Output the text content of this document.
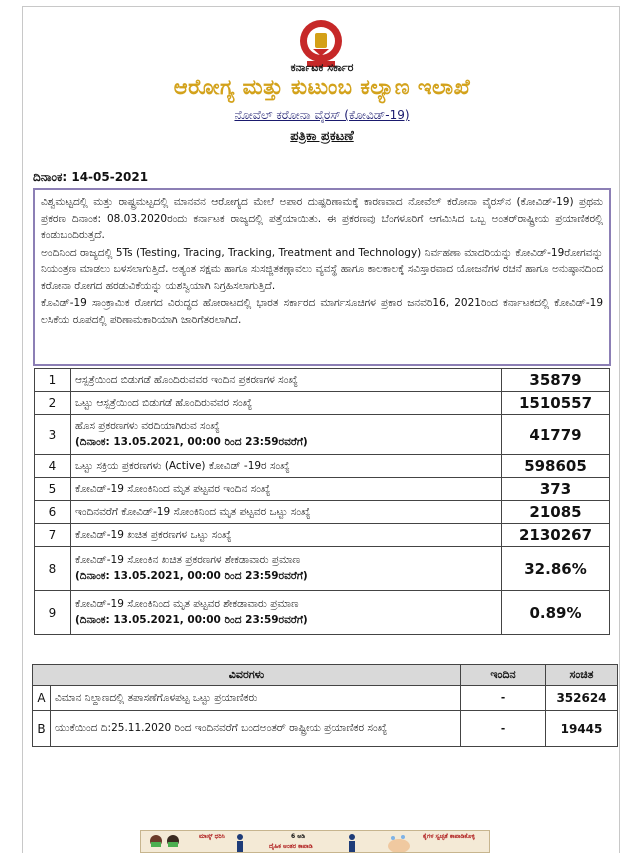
ಕರ್ನಾಟಕ ಸರ್ಕಾರ
ಆರೋಗ್ಯ ಮತ್ತು ಕುಟುಂಬ ಕಲ್ಯಾಣ ಇಲಾಖೆ
ನೋವೆಲ್ ಕರೋನಾ ವೈರಸ್ (ಕೋವಿಡ್-19)
ಪತ್ರಿಕಾ ಪ್ರಕಟಣೆ
ದಿನಾಂಕ: 14-05-2021

ವಿಶ್ವಮಟ್ಟದಲ್ಲಿ ಮತ್ತು ರಾಷ್ಟ್ರಮಟ್ಟದಲ್ಲಿ ಮಾನವನ ಆರೋಗ್ಯದ ಮೇಲೆ ಅಪಾರ ದುಷ್ಪರಿಣಾಮಕ್ಕೆ ಕಾರಣವಾದ ನೋವೆಲ್ ಕರೋನಾ ವೈರಸ್‌ನ (ಕೋವಿಡ್-19) ಪ್ರಥಮ ಪ್ರಕರಣ ದಿನಾಂಕ: 08.03.2020ರಂದು ಕರ್ನಾಟಕ ರಾಜ್ಯದಲ್ಲಿ ಪತ್ತೆಯಾಯಿತು. ಈ ಪ್ರಕರಣವು ಬೆಂಗಳೂರಿಗೆ ಆಗಮಿಸಿದ ಒಬ್ಬ ಅಂತರ್‌ರಾಷ್ಟ್ರೀಯ ಪ್ರಯಾಣಿಕರಲ್ಲಿ ಕಂಡುಬಂದಿರುತ್ತದೆ.

ಅಂದಿನಿಂದ ರಾಜ್ಯದಲ್ಲಿ 5Ts (Testing, Tracing, Tracking, Treatment and Technology) ನಿರ್ವಹಣಾ ಮಾದರಿಯನ್ನು ಕೋವಿಡ್-19ರೋಗವನ್ನು ನಿಯಂತ್ರಣ ಮಾಡಲು ಬಳಸಲಾಗುತ್ತಿದೆ. ಅತ್ಯಂತ ಸಕ್ಷಮ ಹಾಗೂ ಸುಸಜ್ಜಿತಕಣ್ಗಾವಲು ವ್ಯವಸ್ಥೆ ಹಾಗೂ ಕಾಲಕಾಲಕ್ಕೆ ಸವಿಸ್ತಾರವಾದ ಯೋಜನೆಗಳ ರಚನೆ ಹಾಗೂ ಅನುಷ್ಠಾನದಿಂದ ಕರೋನಾ ರೋಗದ ಹರಡುವಿಕೆಯನ್ನು ಯಶಸ್ವಿಯಾಗಿ ನಿಗ್ರಹಿಸಲಾಗುತ್ತಿದೆ.

ಕೊವಿಡ್-19 ಸಾಂಕ್ರಾಮಿಕ ರೋಗದ ವಿರುದ್ಧದ ಹೋರಾಟದಲ್ಲಿ ಭಾರತ ಸರ್ಕಾರದ ಮಾರ್ಗಸೂಚಿಗಳ ಪ್ರಕಾರ ಜನವರಿ16, 2021ರಿಂದ ಕರ್ನಾಟಕದಲ್ಲಿ ಕೋವಿಡ್-19 ಲಸಿಕೆಯ ರೂಪದಲ್ಲಿ ಪರಿಣಾಮಕಾರಿಯಾಗಿ ಜಾರಿಗೆತರಲಾಗಿದೆ.

1	ಆಸ್ಪತ್ರೆಯಿಂದ ಬಿಡುಗಡೆ ಹೊಂದಿರುವವರ ಇಂದಿನ ಪ್ರಕರಣಗಳ ಸಂಖ್ಯೆ	35879
2	ಒಟ್ಟು ಆಸ್ಪತ್ರೆಯಿಂದ ಬಿಡುಗಡೆ ಹೊಂದಿರುವವರ ಸಂಖ್ಯೆ	1510557
3	ಹೊಸ ಪ್ರಕರಣಗಳು ವರದಿಯಾಗಿರುವ ಸಂಖ್ಯೆ
(ದಿನಾಂಕ: 13.05.2021, 00:00 ರಿಂದ 23:59ರವರೆಗೆ)	41779
4	ಒಟ್ಟು ಸಕ್ರಿಯ ಪ್ರಕರಣಗಳು (Active) ಕೋವಿಡ್ -19ರ ಸಂಖ್ಯೆ	598605
5	ಕೋವಿಡ್-19 ಸೋಂಕಿನಿಂದ ಮೃತ ಪಟ್ಟವರ ಇಂದಿನ ಸಂಖ್ಯೆ	373
6	ಇಂದಿನವರೆಗೆ ಕೋವಿಡ್-19 ಸೋಂಕಿನಿಂದ ಮೃತ ಪಟ್ಟವರ ಒಟ್ಟು ಸಂಖ್ಯೆ	21085
7	ಕೋವಿಡ್-19 ಖಚಿತ ಪ್ರಕರಣಗಳ ಒಟ್ಟು ಸಂಖ್ಯೆ	2130267
8	ಕೋವಿಡ್-19 ಸೋಂಕಿನ ಖಚಿತ ಪ್ರಕರಣಗಳ ಶೇಕಡಾವಾರು ಪ್ರಮಾಣ
(ದಿನಾಂಕ: 13.05.2021, 00:00 ರಿಂದ 23:59ರವರೆಗೆ)	32.86%
9	ಕೋವಿಡ್-19 ಸೋಂಕಿನಿಂದ ಮೃತ ಪಟ್ಟವರ ಶೇಕಡಾವಾರು ಪ್ರಮಾಣ
(ದಿನಾಂಕ: 13.05.2021, 00:00 ರಿಂದ 23:59ರವರೆಗೆ)	0.89%
ವಿವರಗಳು		ಇಂದಿನ	ಸಂಚಿತ
A	ವಿಮಾನ ನಿಲ್ದಾಣದಲ್ಲಿ ತಪಾಸಣೆಗೊಳಪಟ್ಟ ಒಟ್ಟು ಪ್ರಯಾಣಿಕರು	-	352624
B	ಯುಕೆಯಿಂದ ದಿ:25.11.2020 ರಿಂದ ಇಂದಿನವರೆಗೆ ಬಂದಅಂತರ್ ರಾಷ್ಟ್ರೀಯ ಪ್ರಯಾಣಿಕರ ಸಂಖ್ಯೆ	-	19445
ಮಾಸ್ಕ್ ಧರಿಸಿ	6 ಅಡಿ
ದೈಹಿಕ ಅಂತರ ಕಾಪಾಡಿ
ಕೈಗಳ ಸ್ವಚ್ಛತೆ ಕಾಪಾಡಿಕೊಳ್ಳಿ
